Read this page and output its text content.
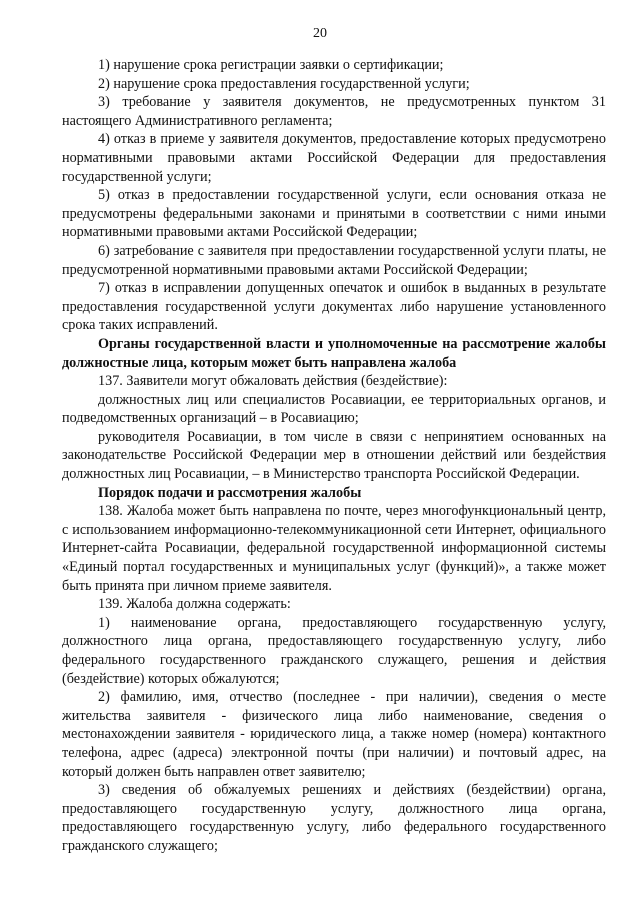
20

1) нарушение срока регистрации заявки о сертификации;

2) нарушение срока предоставления государственной услуги;

3) требование у заявителя документов, не предусмотренных пунктом 31 настоящего Административного регламента;

4) отказ в приеме у заявителя документов, предоставление которых предусмотрено нормативными правовыми актами Российской Федерации для предоставления государственной услуги;

5) отказ в предоставлении государственной услуги, если основания отказа не предусмотрены федеральными законами и принятыми в соответствии с ними иными нормативными правовыми актами Российской Федерации;

6) затребование с заявителя при предоставлении государственной услуги платы, не предусмотренной нормативными правовыми актами Российской Федерации;

7) отказ в исправлении допущенных опечаток и ошибок в выданных в результате предоставления государственной услуги документах либо нарушение установленного срока таких исправлений.

Органы государственной власти и уполномоченные на рассмотрение жалобы должностные лица, которым может быть направлена жалоба

137. Заявители могут обжаловать действия (бездействие):

должностных лиц или специалистов Росавиации, ее территориальных органов, и подведомственных организаций – в Росавиацию;

руководителя Росавиации, в том числе в связи с непринятием основанных на законодательстве Российской Федерации мер в отношении действий или бездействия должностных лиц Росавиации, – в Министерство транспорта Российской Федерации.

Порядок подачи и рассмотрения жалобы

138. Жалоба может быть направлена по почте, через многофункциональный центр, с использованием информационно-телекоммуникационной сети Интернет, официального Интернет-сайта Росавиации, федеральной государственной информационной системы «Единый портал государственных и муниципальных услуг (функций)», а также может быть принята при личном приеме заявителя.

139. Жалоба должна содержать:

1) наименование органа, предоставляющего государственную услугу, должностного лица органа, предоставляющего государственную услугу, либо федерального государственного гражданского служащего, решения и действия (бездействие) которых обжалуются;

2) фамилию, имя, отчество (последнее - при наличии), сведения о месте жительства заявителя - физического лица либо наименование, сведения о местонахождении заявителя - юридического лица, а также номер (номера) контактного телефона, адрес (адреса) электронной почты (при наличии) и почтовый адрес, на который должен быть направлен ответ заявителю;

3) сведения об обжалуемых решениях и действиях (бездействии) органа, предоставляющего государственную услугу, должностного лица органа, предоставляющего государственную услугу, либо федерального государственного гражданского служащего;
